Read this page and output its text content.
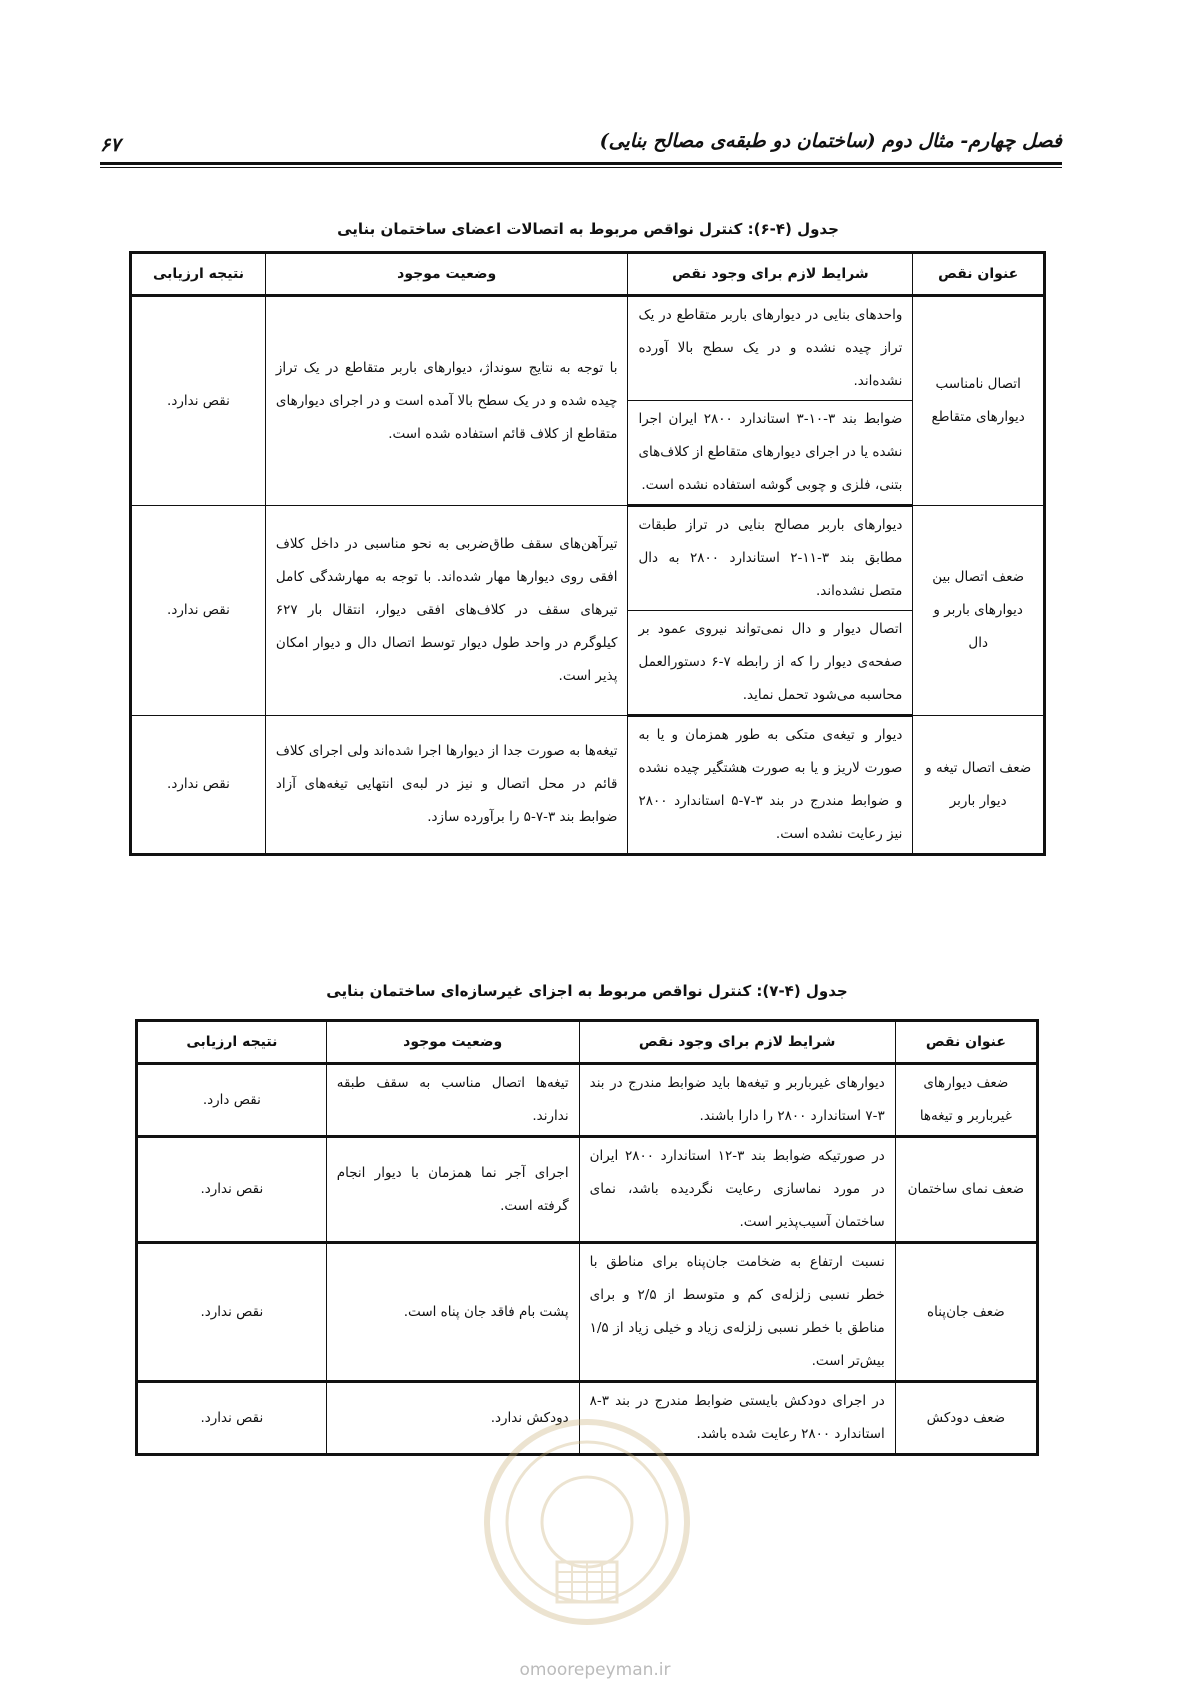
فصل چهارم- مثال دوم (ساختمان دو طبقه‌ی مصالح بنایی)
۶۷
جدول (۴-۶): کنترل نواقص مربوط به اتصالات اعضای ساختمان بنایی
عنوان نقص	شرایط لازم برای وجود نقص	وضعیت موجود	نتیجه ارزیابی
اتصال نامناسب دیوارهای متقاطع	واحدهای بنایی در دیوارهای باربر متقاطع در یک تراز چیده نشده و در یک سطح بالا آورده نشده‌اند.	با توجه به نتایج سونداژ، دیوارهای باربر متقاطع در یک تراز چیده شده و در یک سطح بالا آمده است و در اجرای دیوارهای متقاطع از کلاف قائم استفاده شده است.	نقص ندارد.
	ضوابط بند ۳-۱۰-۳ استاندارد ۲۸۰۰ ایران اجرا نشده یا در اجرای دیوارهای متقاطع از کلاف‌های بتنی، فلزی و چوبی گوشه استفاده نشده است.		
ضعف اتصال بین دیوارهای باربر و دال	دیوارهای باربر مصالح بنایی در تراز طبقات مطابق بند ۳-۱۱-۲ استاندارد ۲۸۰۰ به دال متصل نشده‌اند.	تیرآهن‌های سقف طاق‌ضربی به نحو مناسبی در داخل کلاف افقی روی دیوارها مهار شده‌اند. با توجه به مهارشدگی کامل تیرهای سقف در کلاف‌های افقی دیوار، انتقال بار ۶۲۷ کیلوگرم در واحد طول دیوار توسط اتصال دال و دیوار امکان پذیر است.	نقص ندارد.
	اتصال دیوار و دال نمی‌تواند نیروی عمود بر صفحه‌ی دیوار را که از رابطه ۷-۶ دستورالعمل محاسبه می‌شود تحمل نماید.		
ضعف اتصال تیغه و دیوار باربر	دیوار و تیغه‌ی متکی به طور همزمان و یا به صورت لاریز و یا به صورت هشتگیر چیده نشده و ضوابط مندرج در بند ۳-۷-۵ استاندارد ۲۸۰۰ نیز رعایت نشده است.	تیغه‌ها به صورت جدا از دیوارها اجرا شده‌اند ولی اجرای کلاف قائم در محل اتصال و نیز در لبه‌ی انتهایی تیغه‌های آزاد ضوابط بند ۳-۷-۵ را برآورده سازد.	نقص ندارد.
جدول (۴-۷): کنترل نواقص مربوط به اجزای غیرسازه‌ای ساختمان بنایی
عنوان نقص	شرایط لازم برای وجود نقص	وضعیت موجود	نتیجه ارزیابی
ضعف دیوارهای غیرباربر و تیغه‌ها	دیوارهای غیرباربر و تیغه‌ها باید ضوابط مندرج در بند ۳-۷ استاندارد ۲۸۰۰ را دارا باشند.	تیغه‌ها اتصال مناسب به سقف طبقه ندارند.	نقص دارد.
ضعف نمای ساختمان	در صورتیکه ضوابط بند ۳-۱۲ استاندارد ۲۸۰۰ ایران در مورد نماسازی رعایت نگردیده باشد، نمای ساختمان آسیب‌پذیر است.	اجرای آجر نما همزمان با دیوار انجام گرفته است.	نقص ندارد.
ضعف جان‌پناه	نسبت ارتفاع به ضخامت جان‌پناه برای مناطق با خطر نسبی زلزله‌ی کم و متوسط از ۲/۵ و برای مناطق با خطر نسبی زلزله‌ی زیاد و خیلی زیاد از ۱/۵ بیش‌تر است.	پشت بام فاقد جان پناه است.	نقص ندارد.
ضعف دودکش	در اجرای دودکش بایستی ضوابط مندرج در بند ۳-۸ استاندارد ۲۸۰۰ رعایت شده باشد.	دودکش ندارد.	نقص ندارد.
omoorepeyman.ir
